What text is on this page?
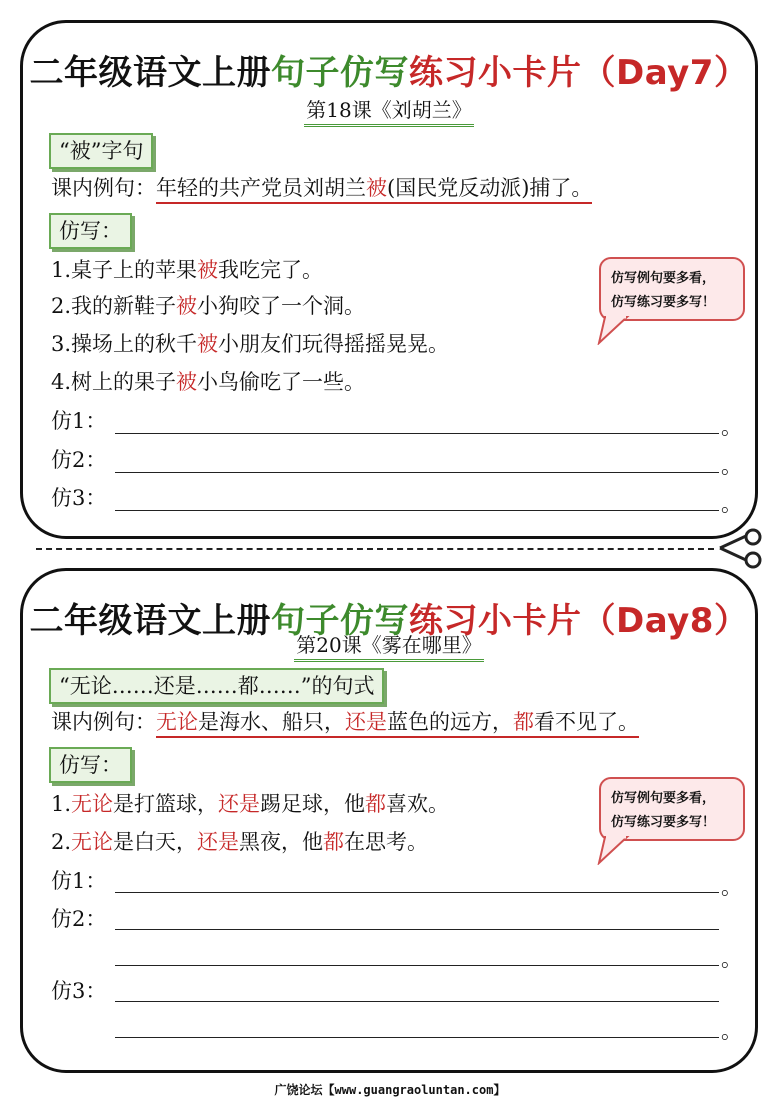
二年级语文上册句子仿写练习小卡片（Day7）
第18课《刘胡兰》
“被”字句
课内例句：年轻的共产党员刘胡兰被(国民党反动派)捕了。
仿写：
1.桌子上的苹果被我吃完了。
2.我的新鞋子被小狗咬了一个洞。
3.操场上的秋千被小朋友们玩得摇摇晃晃。
4.树上的果子被小鸟偷吃了一些。
仿1：	。
仿2：	。
仿3：	。
仿写例句要多看，
仿写练习要多写！
二年级语文上册句子仿写练习小卡片（Day8）
第20课《雾在哪里》
“无论……还是……都……”的句式
课内例句：无论是海水、船只，还是蓝色的远方，都看不见了。
仿写：
1.无论是打篮球，还是踢足球，他都喜欢。
2.无论是白天，还是黑夜，他都在思考。
仿1：	。
仿2：
。
仿3：
。
仿写例句要多看，
仿写练习要多写！
广饶论坛【www.guangraoluntan.com】
